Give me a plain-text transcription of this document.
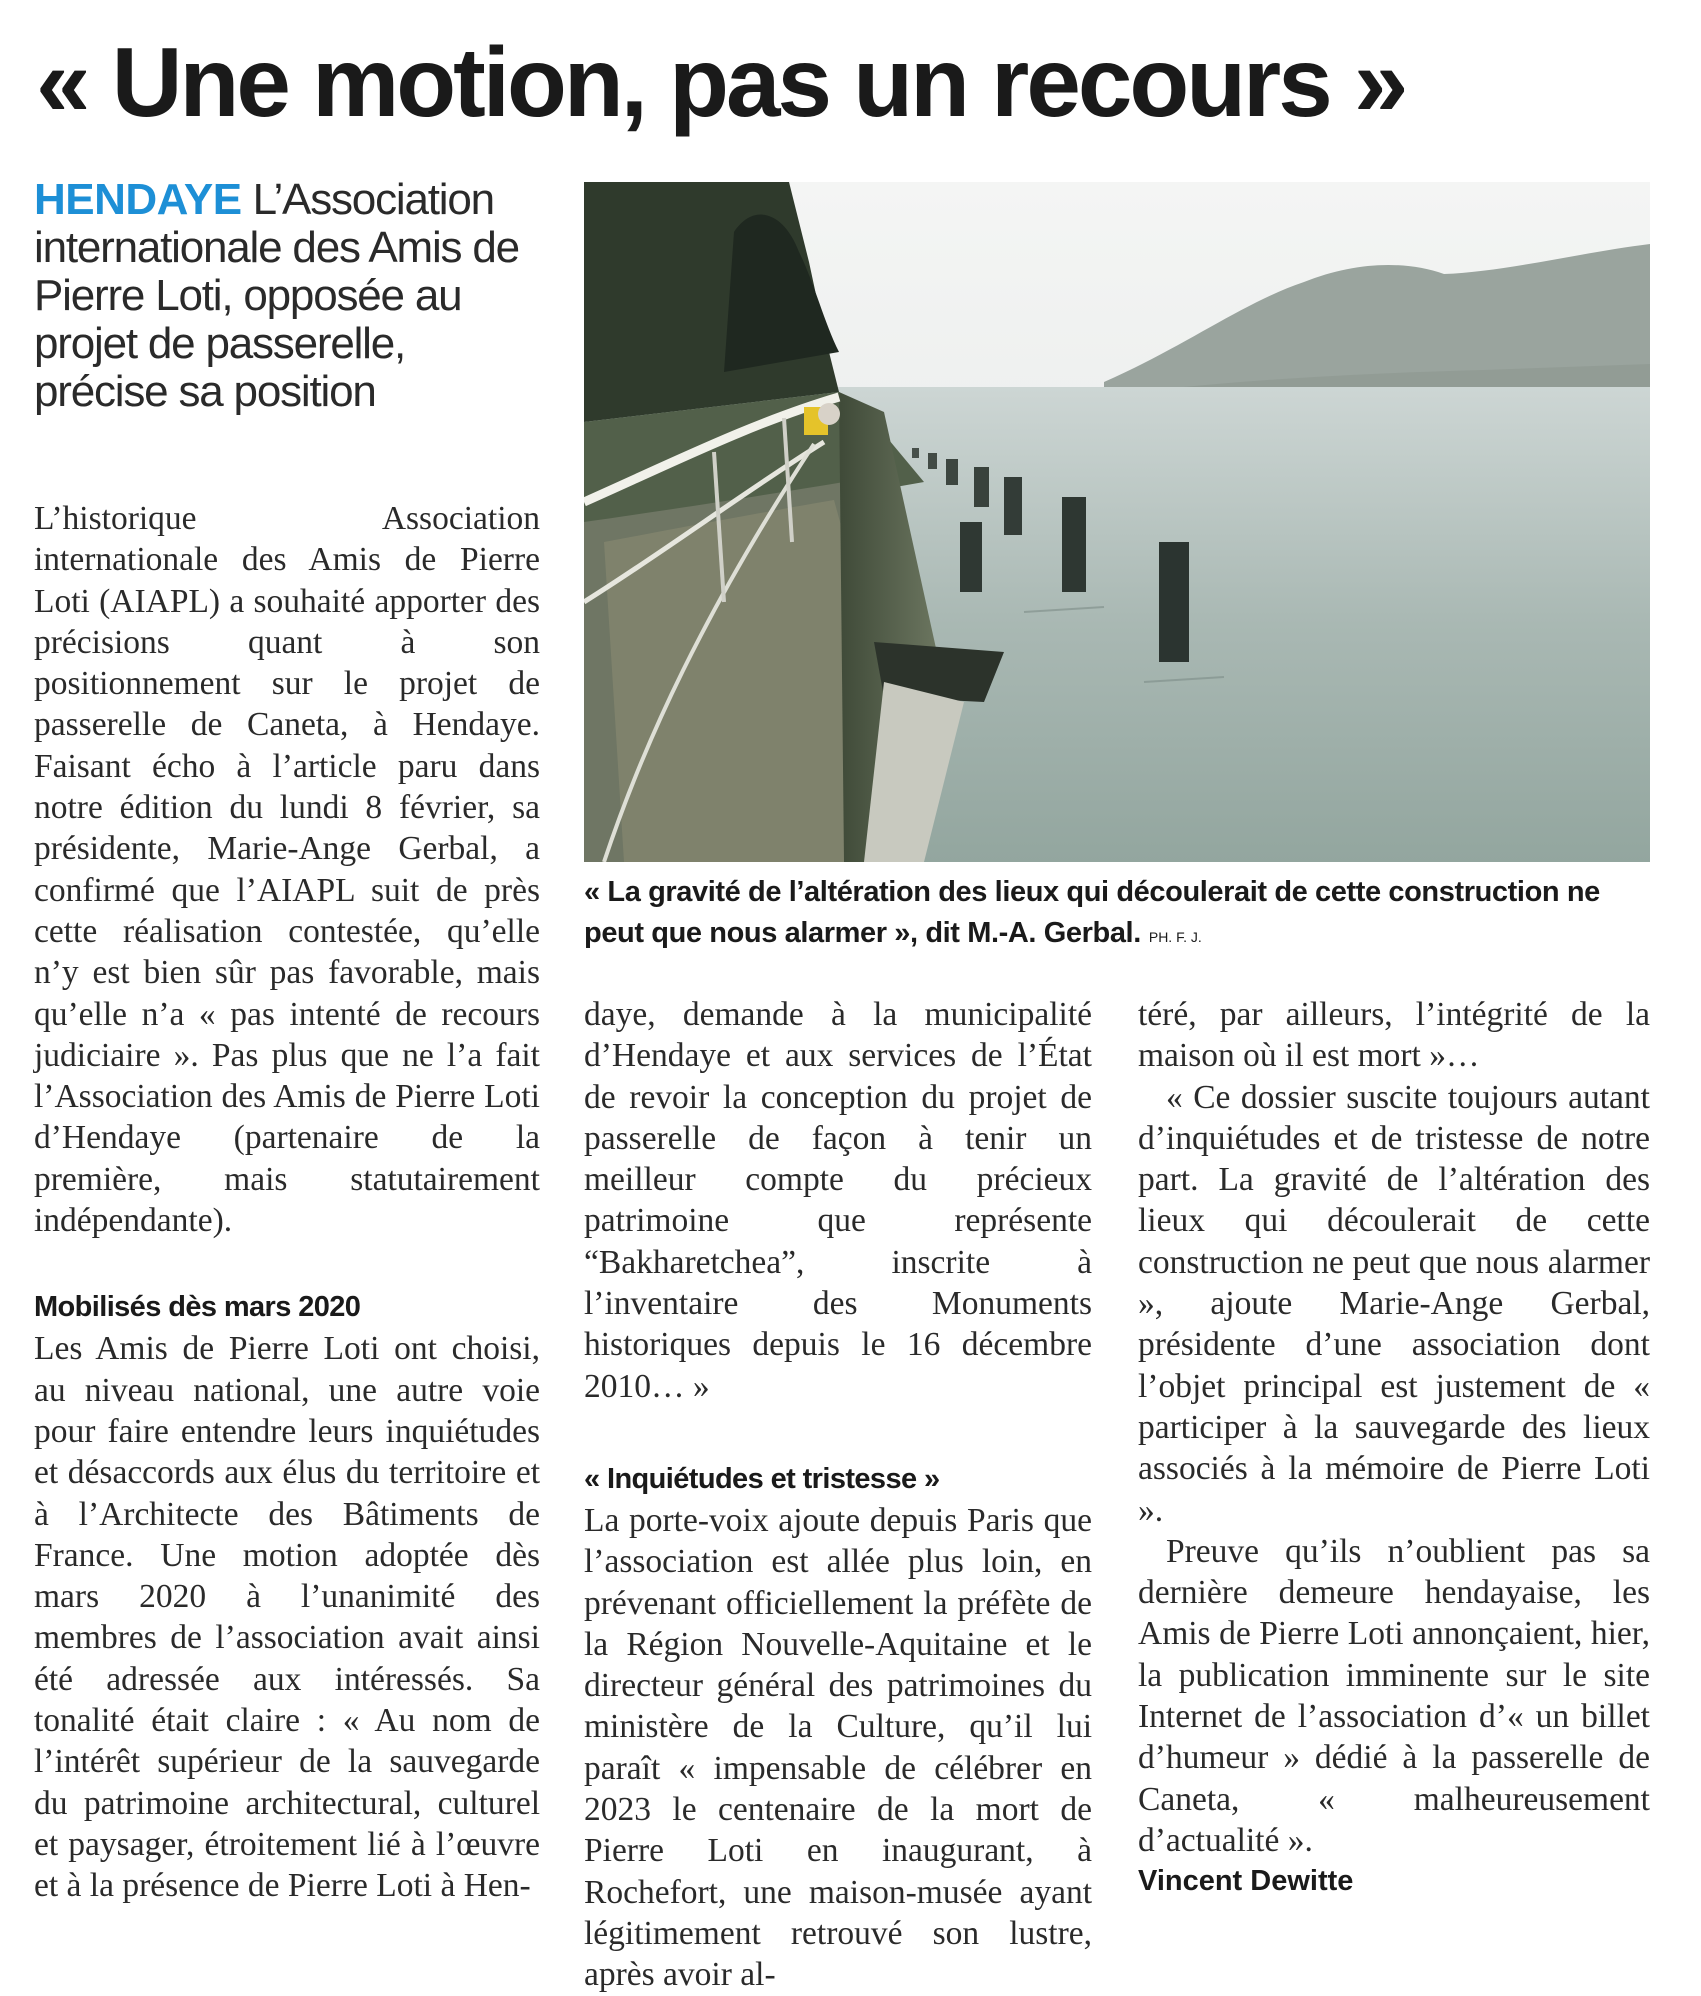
« Une motion, pas un recours »

HENDAYE L’Association internationale des Amis de Pierre Loti, opposée au projet de passerelle, précise sa position

« La gravité de l’altération des lieux qui découlerait de cette construction ne peut que nous alarmer », dit M.-A. Gerbal. PH. F. J.

L’historique Association internationale des Amis de Pierre Loti (AIAPL) a souhaité apporter des précisions quant à son positionnement sur le projet de passerelle de Caneta, à Hendaye. Faisant écho à l’article paru dans notre édition du lundi 8 février, sa présidente, Marie-Ange Gerbal, a confirmé que l’AIAPL suit de près cette réalisation contestée, qu’elle n’y est bien sûr pas favorable, mais qu’elle n’a « pas intenté de recours judiciaire ». Pas plus que ne l’a fait l’Association des Amis de Pierre Loti d’Hendaye (partenaire de la première, mais statutairement indépendante).

Mobilisés dès mars 2020

Les Amis de Pierre Loti ont choisi, au niveau national, une autre voie pour faire entendre leurs inquiétudes et désaccords aux élus du territoire et à l’Architecte des Bâtiments de France. Une motion adoptée dès mars 2020 à l’unanimité des membres de l’association avait ainsi été adressée aux intéressés. Sa tonalité était claire : « Au nom de l’intérêt supérieur de la sauvegarde du patrimoine architectural, culturel et paysager, étroitement lié à l’œuvre et à la présence de Pierre Loti à Hen-

daye, demande à la municipalité d’Hendaye et aux services de l’État de revoir la conception du projet de passerelle de façon à tenir un meilleur compte du précieux patrimoine que représente “Bakharetchea”, inscrite à l’inventaire des Monuments historiques depuis le 16 décembre 2010… »

« Inquiétudes et tristesse »

La porte-voix ajoute depuis Paris que l’association est allée plus loin, en prévenant officiellement la préfète de la Région Nouvelle-Aquitaine et le directeur général des patrimoines du ministère de la Culture, qu’il lui paraît « impensable de célébrer en 2023 le centenaire de la mort de Pierre Loti en inaugurant, à Rochefort, une maison-musée ayant légitimement retrouvé son lustre, après avoir al-

téré, par ailleurs, l’intégrité de la maison où il est mort »…

« Ce dossier suscite toujours autant d’inquiétudes et de tristesse de notre part. La gravité de l’altération des lieux qui découlerait de cette construction ne peut que nous alarmer », ajoute Marie-Ange Gerbal, présidente d’une association dont l’objet principal est justement de « participer à la sauvegarde des lieux associés à la mémoire de Pierre Loti ».

Preuve qu’ils n’oublient pas sa dernière demeure hendayaise, les Amis de Pierre Loti annonçaient, hier, la publication imminente sur le site Internet de l’association d’« un billet d’humeur » dédié à la passerelle de Caneta, « malheureusement d’actualité ».

Vincent Dewitte
